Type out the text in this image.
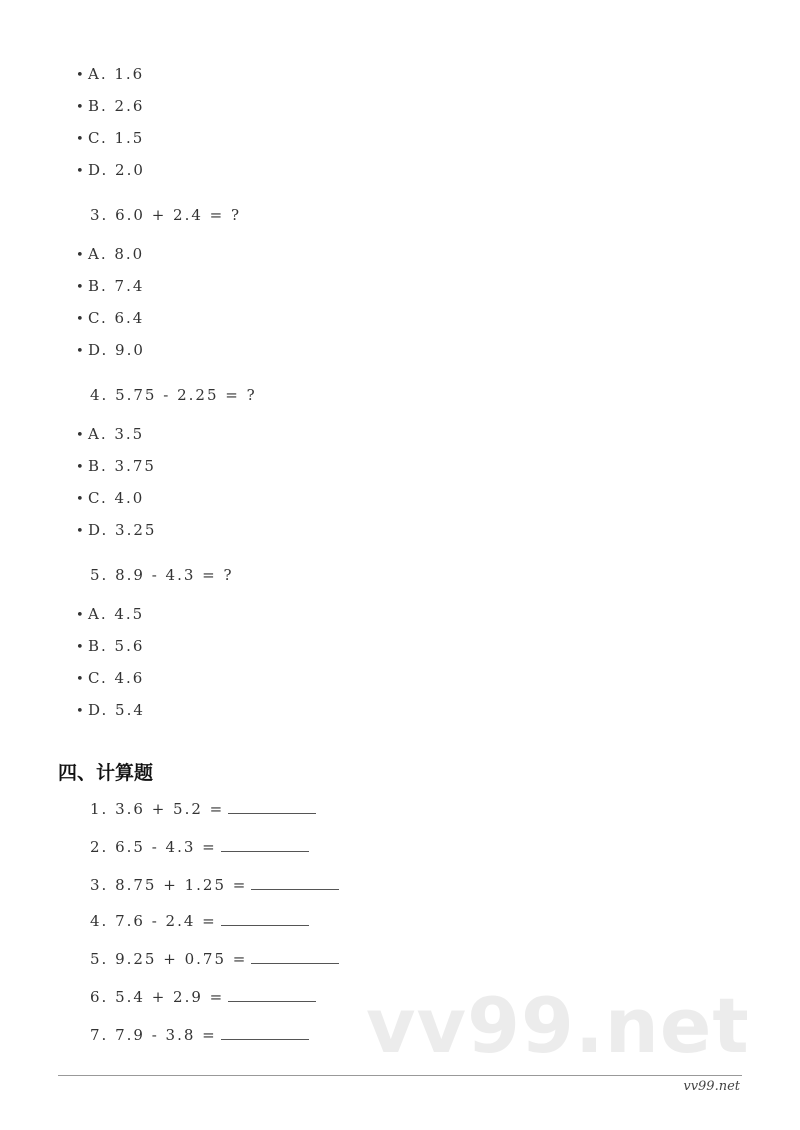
• A. 1.6
• B. 2.6
• C. 1.5
• D. 2.0
3. 6.0 + 2.4 = ?
• A. 8.0
• B. 7.4
• C. 6.4
• D. 9.0
4. 5.75 - 2.25 = ?
• A. 3.5
• B. 3.75
• C. 4.0
• D. 3.25
5. 8.9 - 4.3 = ?
• A. 4.5
• B. 5.6
• C. 4.6
• D. 5.4
四、计算题
1. 3.6 + 5.2 =
2. 6.5 - 4.3 =
3. 8.75 + 1.25 =
4. 7.6 - 2.4 =
5. 9.25 + 0.75 =
6. 5.4 + 2.9 =
7. 7.9 - 3.8 =	vv99.net
vv99.net
